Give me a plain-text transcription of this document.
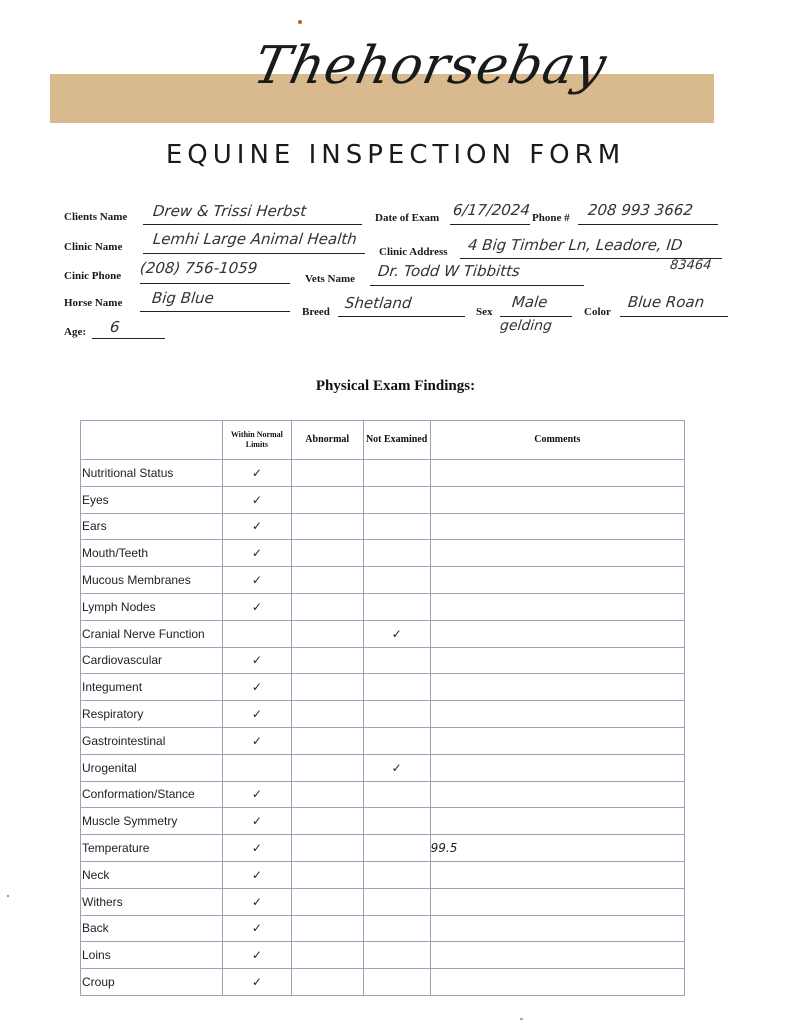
Thehorsebay
EQUINE INSPECTION FORM
Clients Name Drew & Trissi Herbst	Date of Exam 6/17/2024 Phone # 208 993 3662
Clinic Name Lemhi Large Animal Health
Clinic Address 4 Big Timber Ln, Leadore, ID
83464
Cinic Phone (208) 756-1059
Vets Name Dr. Todd W Tibbitts
Horse Name Big Blue
Breed Shetland	Sex
Male
gelding
Color
Blue Roan
Age: 6
Physical Exam Findings:
	Within Normal Limits	Abnormal	Not Examined	Comments
Nutritional Status	✓			
Eyes	✓			
Ears	✓			
Mouth/Teeth	✓			
Mucous Membranes	✓			
Lymph Nodes	✓			
Cranial Nerve Function			✓	
Cardiovascular	✓			
Integument	✓			
Respiratory	✓			
Gastrointestinal	✓			
Urogenital			✓	
Conformation/Stance	✓			
Muscle Symmetry	✓			
Temperature	✓			99.5
Neck	✓			
Withers	✓			
Back	✓			
Loins	✓			
Croup	✓			
